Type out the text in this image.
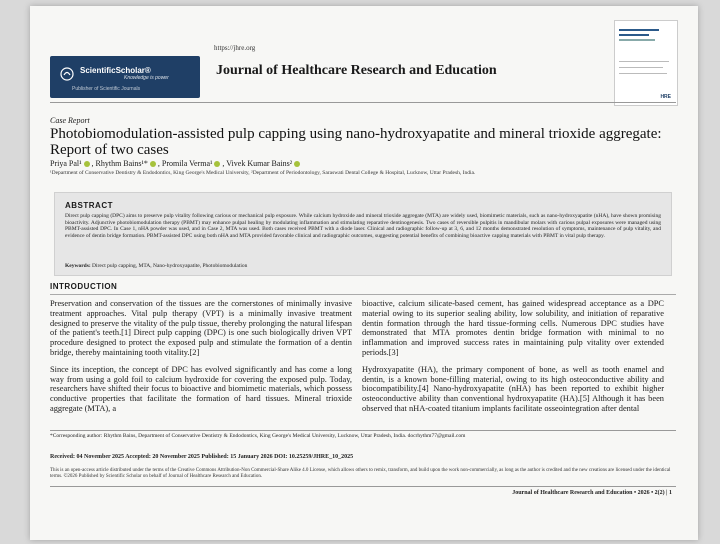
https://jhre.org
ScientificScholar®
Knowledge is power
Publisher of Scientific Journals
Journal of Healthcare Research and Education
HRE
Case Report
Photobiomodulation-assisted pulp capping using nano-hydroxyapatite and mineral trioxide aggregate: Report of two cases
Priya Pal¹ , Rhythm Bains¹* , Promila Verma¹ , Vivek Kumar Bains²
¹Department of Conservative Dentistry & Endodontics, King George's Medical University, ²Department of Periodontology, Saraswati Dental College & Hospital, Lucknow, Uttar Pradesh, India.
ABSTRACT
Direct pulp capping (DPC) aims to preserve pulp vitality following carious or mechanical pulp exposure. While calcium hydroxide and mineral trioxide aggregate (MTA) are widely used, biomimetic materials, such as nano-hydroxyapatite (nHA), have shown promising bioactivity. Adjunctive photobiomodulation therapy (PBMT) may enhance pulpal healing by modulating inflammation and stimulating reparative dentinogenesis. Two cases of reversible pulpitis in mandibular molars with carious pulpal exposures were managed using PBMT-assisted DPC. In Case 1, nHA powder was used, and in Case 2, MTA was used. Both cases received PBMT with a diode laser. Clinical and radiographic follow-up at 3, 6, and 12 months demonstrated resolution of symptoms, maintenance of pulp vitality, and evidence of dentin bridge formation. PBMT-assisted DPC using both nHA and MTA provided favorable clinical and radiographic outcomes, suggesting potential benefits of combining bioactive capping materials with PBMT in vital pulp therapy.
Keywords: Direct pulp capping, MTA, Nano-hydroxyapatite, Photobiomodulation
INTRODUCTION

Preservation and conservation of the tissues are the cornerstones of minimally invasive treatment approaches. Vital pulp therapy (VPT) is a minimally invasive treatment designed to preserve the vitality of the pulp tissue, thereby prolonging the natural lifespan of the patient's teeth.[1] Direct pulp capping (DPC) is one such biologically driven VPT procedure designed to protect the exposed pulp and stimulate the formation of a dentin bridge, thereby maintaining tooth vitality.[2]

Since its inception, the concept of DPC has evolved significantly and has come a long way from using a gold foil to calcium hydroxide for covering the exposed pulp. Today, researchers have shifted their focus to bioactive and biomimetic materials, which possess conductive properties that facilitate the formation of hard tissues. Mineral trioxide aggregate (MTA), a

bioactive, calcium silicate-based cement, has gained widespread acceptance as a DPC material owing to its superior sealing ability, low solubility, and initiation of reparative dentin formation through the hard tissue-forming cells. Numerous DPC studies have demonstrated that MTA promotes dentin bridge formation with minimal to no inflammation and improved success rates in maintaining pulp vitality over extended periods.[3]

Hydroxyapatite (HA), the primary component of bone, as well as tooth enamel and dentin, is a known bone-filling material, owing to its high osteoconductive ability and biocompatibility.[4] Nano-hydroxyapatite (nHA) has been reported to exhibit higher osteoconductive ability than conventional hydroxyapatite (HA).[5] Although it has been observed that nHA-coated titanium implants facilitate osseointegration after dental

*Corresponding author: Rhythm Bains, Department of Conservative Dentistry & Endodontics, King George's Medical University, Lucknow, Uttar Pradesh, India. docrhythm77@gmail.com
Received: 04 November 2025 Accepted: 20 November 2025 Published: 15 January 2026 DOI: 10.25259/JHRE_10_2025
This is an open-access article distributed under the terms of the Creative Commons Attribution-Non Commercial-Share Alike 4.0 License, which allows others to remix, transform, and build upon the work non-commercially, as long as the author is credited and the new creations are licensed under the identical terms. ©2026 Published by Scientific Scholar on behalf of Journal of Healthcare Research and Education.
Journal of Healthcare Research and Education • 2026 • 2(2) | 1
